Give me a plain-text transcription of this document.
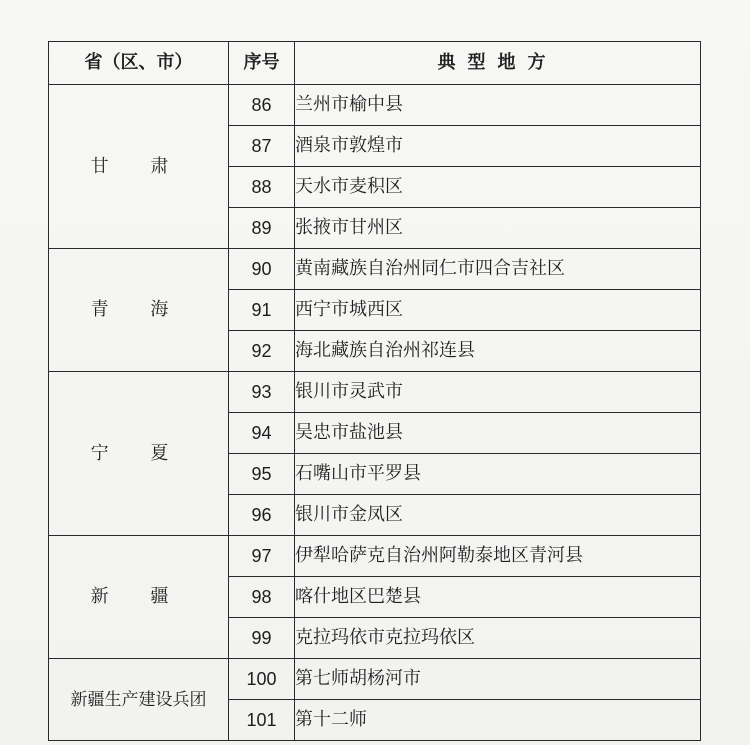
省（区、市）	序号	典型地方
甘 肃	86	兰州市榆中县
	87	酒泉市敦煌市
	88	天水市麦积区
	89	张掖市甘州区
青 海	90	黄南藏族自治州同仁市四合吉社区
	91	西宁市城西区
	92	海北藏族自治州祁连县
宁 夏	93	银川市灵武市
	94	吴忠市盐池县
	95	石嘴山市平罗县
	96	银川市金凤区
新 疆	97	伊犁哈萨克自治州阿勒泰地区青河县
	98	喀什地区巴楚县
	99	克拉玛依市克拉玛依区
新疆生产建设兵团	100	第七师胡杨河市
	101	第十二师
